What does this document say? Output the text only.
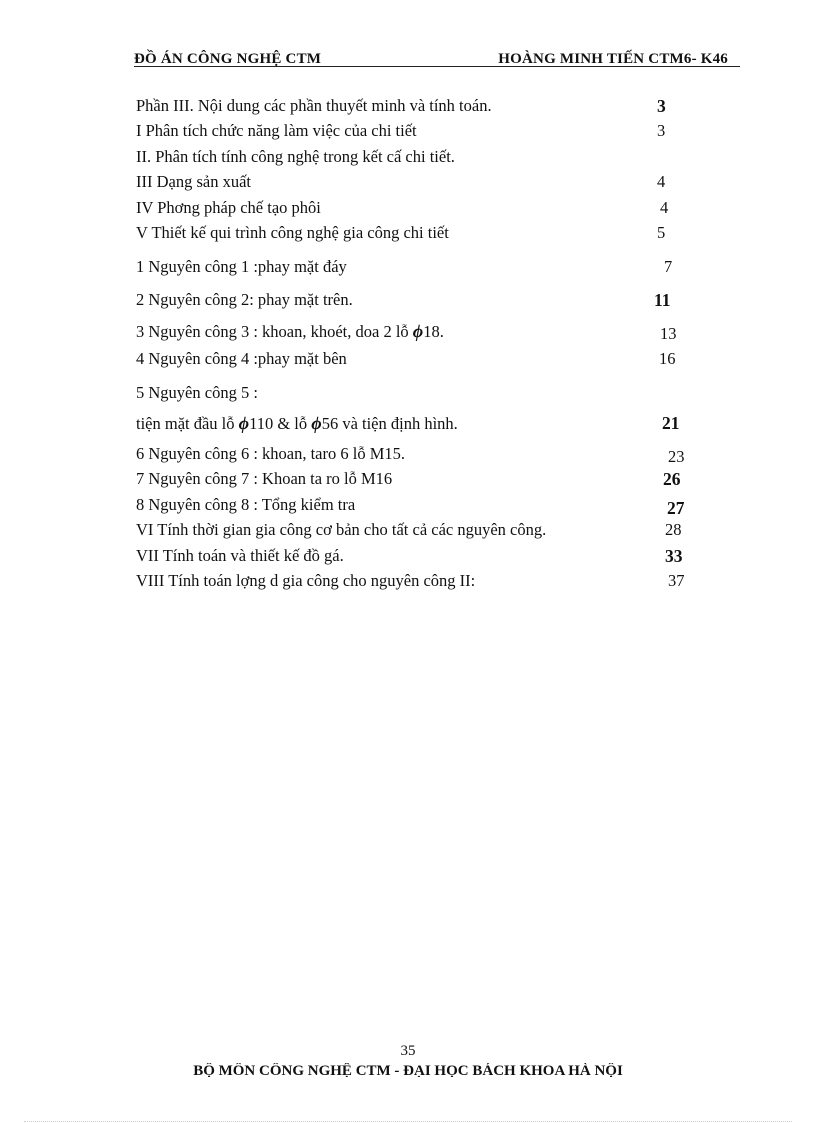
ĐỒ ÁN CÔNG NGHỆ CTM	HOÀNG MINH TIẾN CTM6- K46
Phần III. Nội dung các phần thuyết minh và tính toán.	3
I Phân tích chức năng làm việc của chi tiết	3
II. Phân tích tính công nghệ trong kết cấ chi tiết.
III Dạng sản xuất	4
IV Phơng pháp chế tạo phôi	4
V Thiết kế qui trình công nghệ gia công chi tiết	5
1 Nguyên công 1 :phay mặt đáy	7
2 Nguyên công 2: phay mặt trên.	11
3 Nguyên công 3 : khoan, khoét, doa 2 lỗ ϕ18.	13
4 Nguyên công 4 :phay mặt bên	16
5 Nguyên công 5 :
tiện mặt đầu lỗ ϕ110 & lỗ ϕ56 và tiện định hình.	21
6 Nguyên công 6 : khoan, taro 6 lỗ M15.	23
7 Nguyên công 7 : Khoan ta ro lỗ M16	26
8 Nguyên công 8 : Tổng kiểm tra	27
VI Tính thời gian gia công cơ bản cho tất cả các nguyên công.	28
VII Tính toán và thiết kế đồ gá.	33
VIII Tính toán lợng d gia công cho nguyên công II:	37
35
BỘ MÔN CÔNG NGHỆ CTM - ĐẠI HỌC BÁCH KHOA HÀ NỘI
